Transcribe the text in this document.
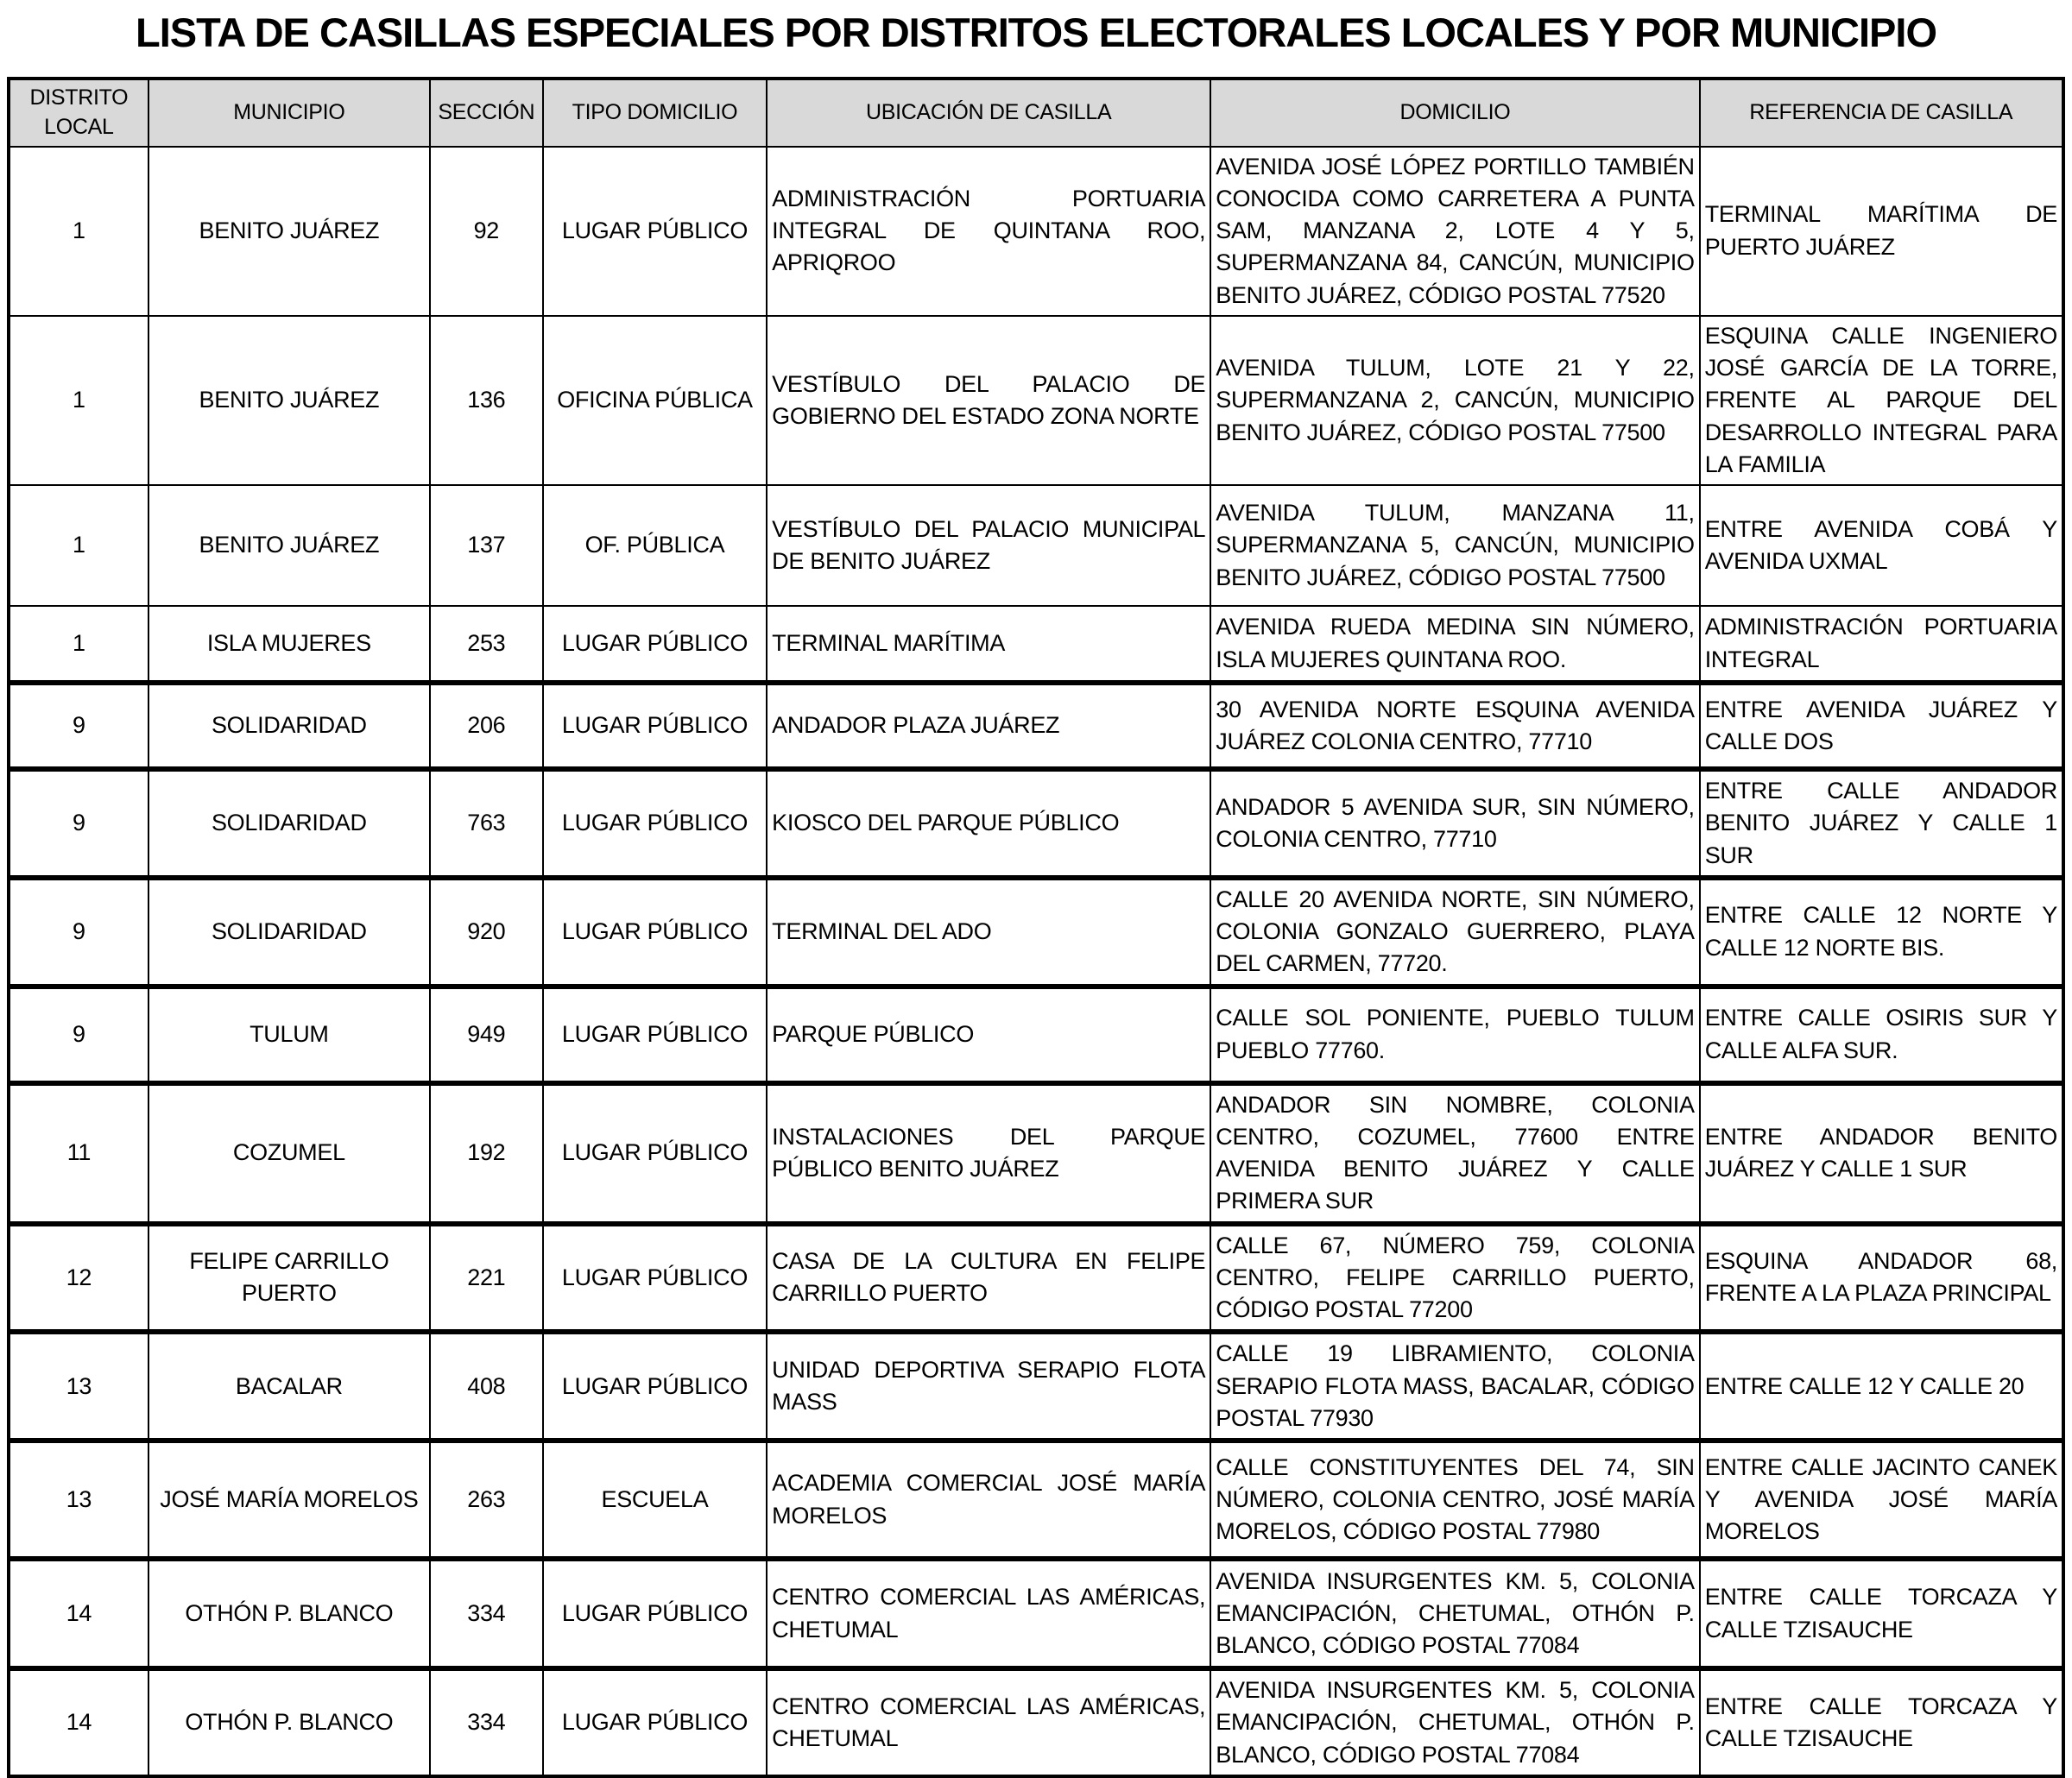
LISTA DE CASILLAS ESPECIALES POR DISTRITOS ELECTORALES LOCALES Y POR MUNICIPIO
DISTRITO LOCAL	MUNICIPIO	SECCIÓN	TIPO DOMICILIO	UBICACIÓN DE CASILLA	DOMICILIO	REFERENCIA DE CASILLA
1	BENITO JUÁREZ	92	LUGAR PÚBLICO	ADMINISTRACIÓN PORTUARIA INTEGRAL DE QUINTANA ROO, APRIQROO	AVENIDA JOSÉ LÓPEZ PORTILLO TAMBIÉN CONOCIDA COMO CARRETERA A PUNTA SAM, MANZANA 2, LOTE 4 Y 5, SUPERMANZANA 84, CANCÚN, MUNICIPIO BENITO JUÁREZ, CÓDIGO POSTAL 77520	TERMINAL MARÍTIMA DE PUERTO JUÁREZ
1	BENITO JUÁREZ	136	OFICINA PÚBLICA	VESTÍBULO DEL PALACIO DE GOBIERNO DEL ESTADO ZONA NORTE	AVENIDA TULUM, LOTE 21 Y 22, SUPERMANZANA 2, CANCÚN, MUNICIPIO BENITO JUÁREZ, CÓDIGO POSTAL 77500	ESQUINA CALLE INGENIERO JOSÉ GARCÍA DE LA TORRE, FRENTE AL PARQUE DEL DESARROLLO INTEGRAL PARA LA FAMILIA
1	BENITO JUÁREZ	137	OF. PÚBLICA	VESTÍBULO DEL PALACIO MUNICIPAL DE BENITO JUÁREZ	AVENIDA TULUM, MANZANA 11, SUPERMANZANA 5, CANCÚN, MUNICIPIO BENITO JUÁREZ, CÓDIGO POSTAL 77500	ENTRE AVENIDA COBÁ Y AVENIDA UXMAL
1	ISLA MUJERES	253	LUGAR PÚBLICO	TERMINAL MARÍTIMA	AVENIDA RUEDA MEDINA SIN NÚMERO, ISLA MUJERES QUINTANA ROO.	ADMINISTRACIÓN PORTUARIA INTEGRAL
9	SOLIDARIDAD	206	LUGAR PÚBLICO	ANDADOR PLAZA JUÁREZ	30 AVENIDA NORTE ESQUINA AVENIDA JUÁREZ COLONIA CENTRO, 77710	ENTRE AVENIDA JUÁREZ Y CALLE DOS
9	SOLIDARIDAD	763	LUGAR PÚBLICO	KIOSCO DEL PARQUE PÚBLICO	ANDADOR 5 AVENIDA SUR, SIN NÚMERO, COLONIA CENTRO, 77710	ENTRE CALLE ANDADOR BENITO JUÁREZ Y CALLE 1 SUR
9	SOLIDARIDAD	920	LUGAR PÚBLICO	TERMINAL DEL ADO	CALLE 20 AVENIDA NORTE, SIN NÚMERO, COLONIA GONZALO GUERRERO, PLAYA DEL CARMEN, 77720.	ENTRE CALLE 12 NORTE Y CALLE 12 NORTE BIS.
9	TULUM	949	LUGAR PÚBLICO	PARQUE PÚBLICO	CALLE SOL PONIENTE, PUEBLO TULUM PUEBLO 77760.	ENTRE CALLE OSIRIS SUR Y CALLE ALFA SUR.
11	COZUMEL	192	LUGAR PÚBLICO	INSTALACIONES DEL PARQUE PÚBLICO BENITO JUÁREZ	ANDADOR SIN NOMBRE, COLONIA CENTRO, COZUMEL, 77600 ENTRE AVENIDA BENITO JUÁREZ Y CALLE PRIMERA SUR	ENTRE ANDADOR BENITO JUÁREZ Y CALLE 1 SUR
12	FELIPE CARRILLO PUERTO	221	LUGAR PÚBLICO	CASA DE LA CULTURA EN FELIPE CARRILLO PUERTO	CALLE 67, NÚMERO 759, COLONIA CENTRO, FELIPE CARRILLO PUERTO, CÓDIGO POSTAL 77200	ESQUINA ANDADOR 68, FRENTE A LA PLAZA PRINCIPAL
13	BACALAR	408	LUGAR PÚBLICO	UNIDAD DEPORTIVA SERAPIO FLOTA MASS	CALLE 19 LIBRAMIENTO, COLONIA SERAPIO FLOTA MASS, BACALAR, CÓDIGO POSTAL 77930	ENTRE CALLE 12 Y CALLE 20
13	JOSÉ MARÍA MORELOS	263	ESCUELA	ACADEMIA COMERCIAL JOSÉ MARÍA MORELOS	CALLE CONSTITUYENTES DEL 74, SIN NÚMERO, COLONIA CENTRO, JOSÉ MARÍA MORELOS, CÓDIGO POSTAL 77980	ENTRE CALLE JACINTO CANEK Y AVENIDA JOSÉ MARÍA MORELOS
14	OTHÓN P. BLANCO	334	LUGAR PÚBLICO	CENTRO COMERCIAL LAS AMÉRICAS, CHETUMAL	AVENIDA INSURGENTES KM. 5, COLONIA EMANCIPACIÓN, CHETUMAL, OTHÓN P. BLANCO, CÓDIGO POSTAL 77084	ENTRE CALLE TORCAZA Y CALLE TZISAUCHE
14	OTHÓN P. BLANCO	334	LUGAR PÚBLICO	CENTRO COMERCIAL LAS AMÉRICAS, CHETUMAL	AVENIDA INSURGENTES KM. 5, COLONIA EMANCIPACIÓN, CHETUMAL, OTHÓN P. BLANCO, CÓDIGO POSTAL 77084	ENTRE CALLE TORCAZA Y CALLE TZISAUCHE
